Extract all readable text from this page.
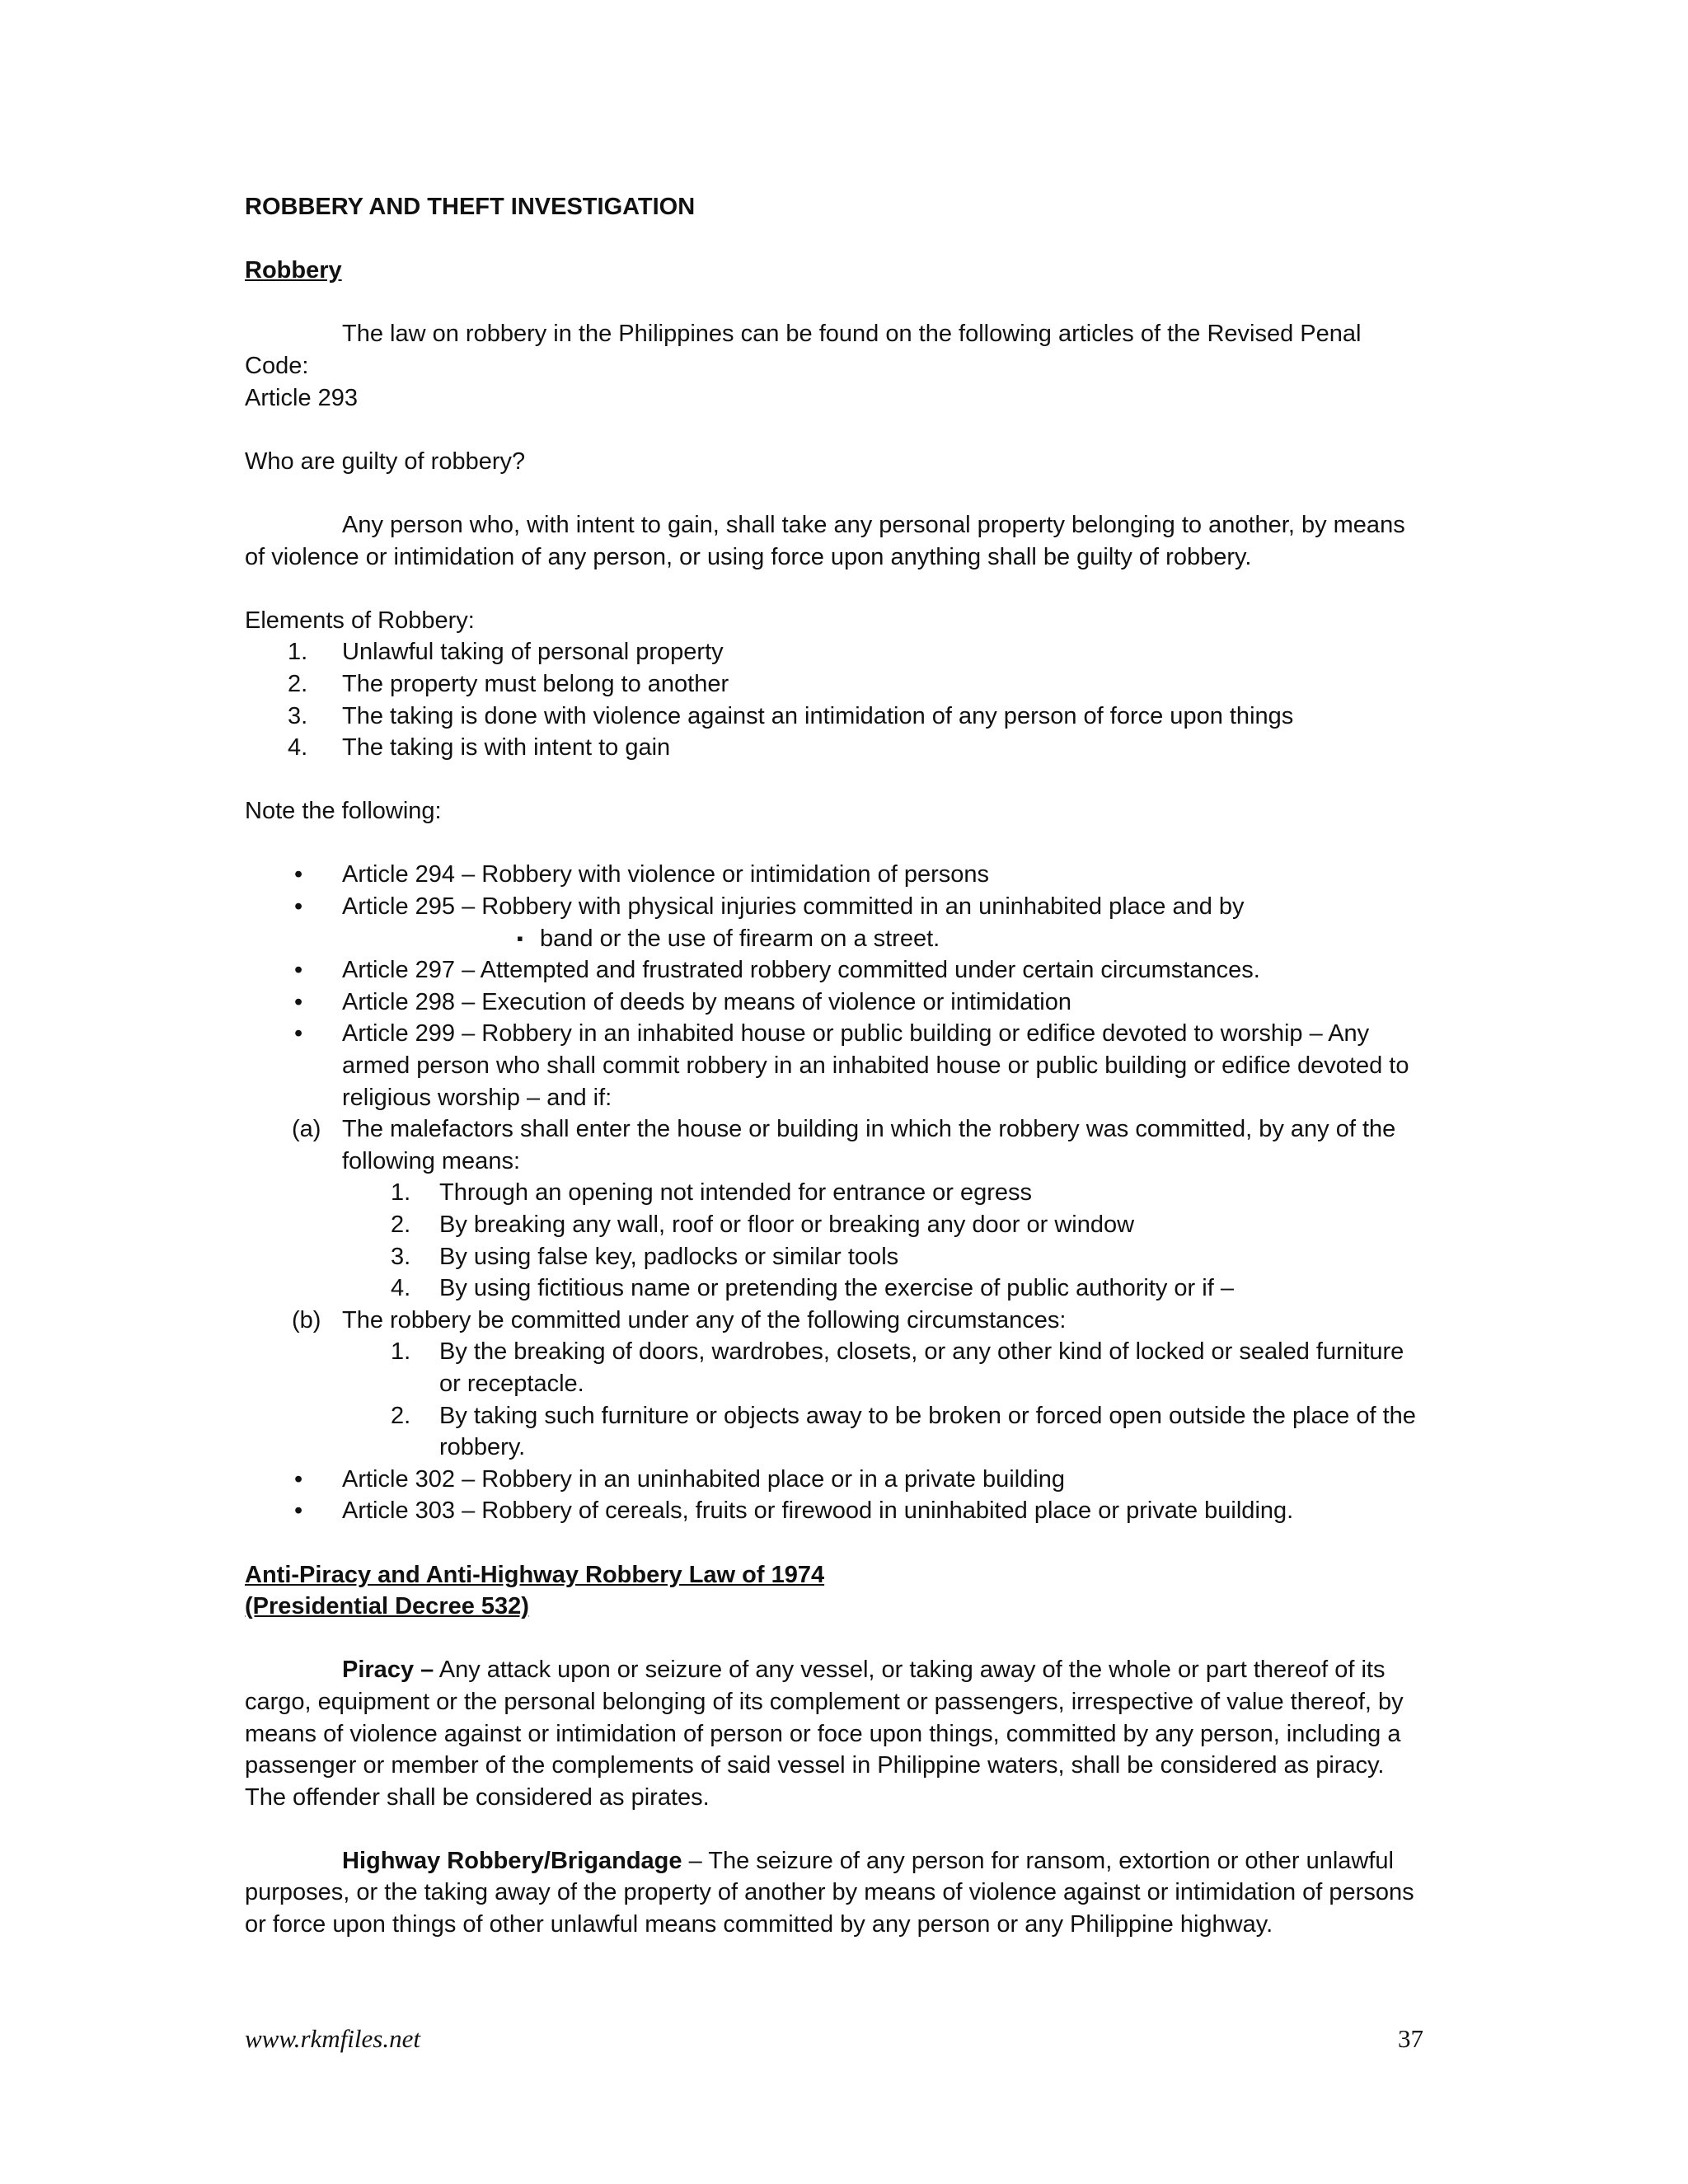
ROBBERY AND THEFT INVESTIGATION

Robbery

The law on robbery in the Philippines can be found on the following articles of the Revised Penal Code:

Article 293

Who are guilty of robbery?

Any person who, with intent to gain, shall take any personal property belonging to another, by means of violence or intimidation of any person, or using force upon anything shall be guilty of robbery.

Elements of Robbery:

1. Unlawful taking of personal property
2. The property must belong to another
3. The taking is done with violence against an intimidation of any person of force upon things
4. The taking is with intent to gain

Note the following:

• Article 294 – Robbery with violence or intimidation of persons
• Article 295 – Robbery with physical injuries committed in an uninhabited place and by
▪ band or the use of firearm on a street.
• Article 297 – Attempted and frustrated robbery committed under certain circumstances.
• Article 298 – Execution of deeds by means of violence or intimidation
• Article 299 – Robbery in an inhabited house or public building or edifice devoted to worship – Any armed person who shall commit robbery in an inhabited house or public building or edifice devoted to religious worship – and if:
(a) The malefactors shall enter the house or building in which the robbery was committed, by any of the following means:
1. Through an opening not intended for entrance or egress
2. By breaking any wall, roof or floor or breaking any door or window
3. By using false key, padlocks or similar tools
4. By using fictitious name or pretending the exercise of public authority or if –
(b) The robbery be committed under any of the following circumstances:
1. By the breaking of doors, wardrobes, closets, or any other kind of locked or sealed furniture or receptacle.
2. By taking such furniture or objects away to be broken or forced open outside the place of the robbery.
• Article 302 – Robbery in an uninhabited place or in a private building
• Article 303 – Robbery of cereals, fruits or firewood in uninhabited place or private building.

Anti-Piracy and Anti-Highway Robbery Law of 1974

(Presidential Decree 532)

Piracy – Any attack upon or seizure of any vessel, or taking away of the whole or part thereof of its cargo, equipment or the personal belonging of its complement or passengers, irrespective of value thereof, by means of violence against or intimidation of person or foce upon things, committed by any person, including a passenger or member of the complements of said vessel in Philippine waters, shall be considered as piracy. The offender shall be considered as pirates.

Highway Robbery/Brigandage – The seizure of any person for ransom, extortion or other unlawful purposes, or the taking away of the property of another by means of violence against or intimidation of persons or force upon things of other unlawful means committed by any person or any Philippine highway.

www.rkmfiles.net	37
